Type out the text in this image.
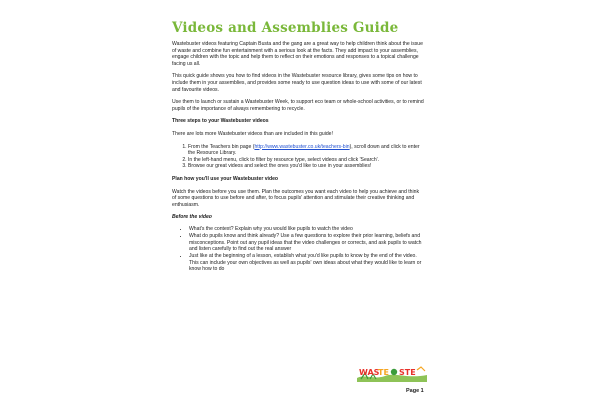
Videos and Assemblies Guide

Wastebuster videos featuring Captain Busta and the gang are a great way to help children think about the issue of waste and combine fun entertainment with a serious look at the facts. They add impact to your assemblies, engage children with the topic and help them to reflect on their emotions and responses to a topical challenge facing us all.

This quick guide shows you how to find videos in the Wastebuster resource library, gives some tips on how to include them in your assemblies, and provides some ready to use question ideas to use with some of our latest and favourite videos.

Use them to launch or sustain a Wastebuster Week, to support eco team or whole-school activities, or to remind pupils of the importance of always remembering to recycle.

Three steps to your Wastebuster videos

There are lots more Wastebuster videos than are included in this guide!

1. From the Teachers bin page (http://www.wastebuster.co.uk/teachers-bin), scroll down and click to enter the Resource Library.
2. In the left-hand menu, click to filter by resource type, select videos and click 'Search'.
3. Browse our great videos and select the ones you'd like to use in your assemblies!
Plan how you'll use your Wastebuster video

Watch the videos before you use them. Plan the outcomes you want each video to help you achieve and think of some questions to use before and after, to focus pupils' attention and stimulate their creative thinking and enthusiasm.

Before the video
• What's the context? Explain why you would like pupils to watch the video
• What do pupils know and think already? Use a few questions to explore their prior learning, beliefs and misconceptions. Point out any pupil ideas that the video challenges or corrects, and ask pupils to watch and listen carefully to find out the real answer
• Just like at the beginning of a lesson, establish what you'd like pupils to know by the end of the video. This can include your own objectives as well as pupils' own ideas about what they would like to learn or know how to do
WAS
TE STE
Page 1
